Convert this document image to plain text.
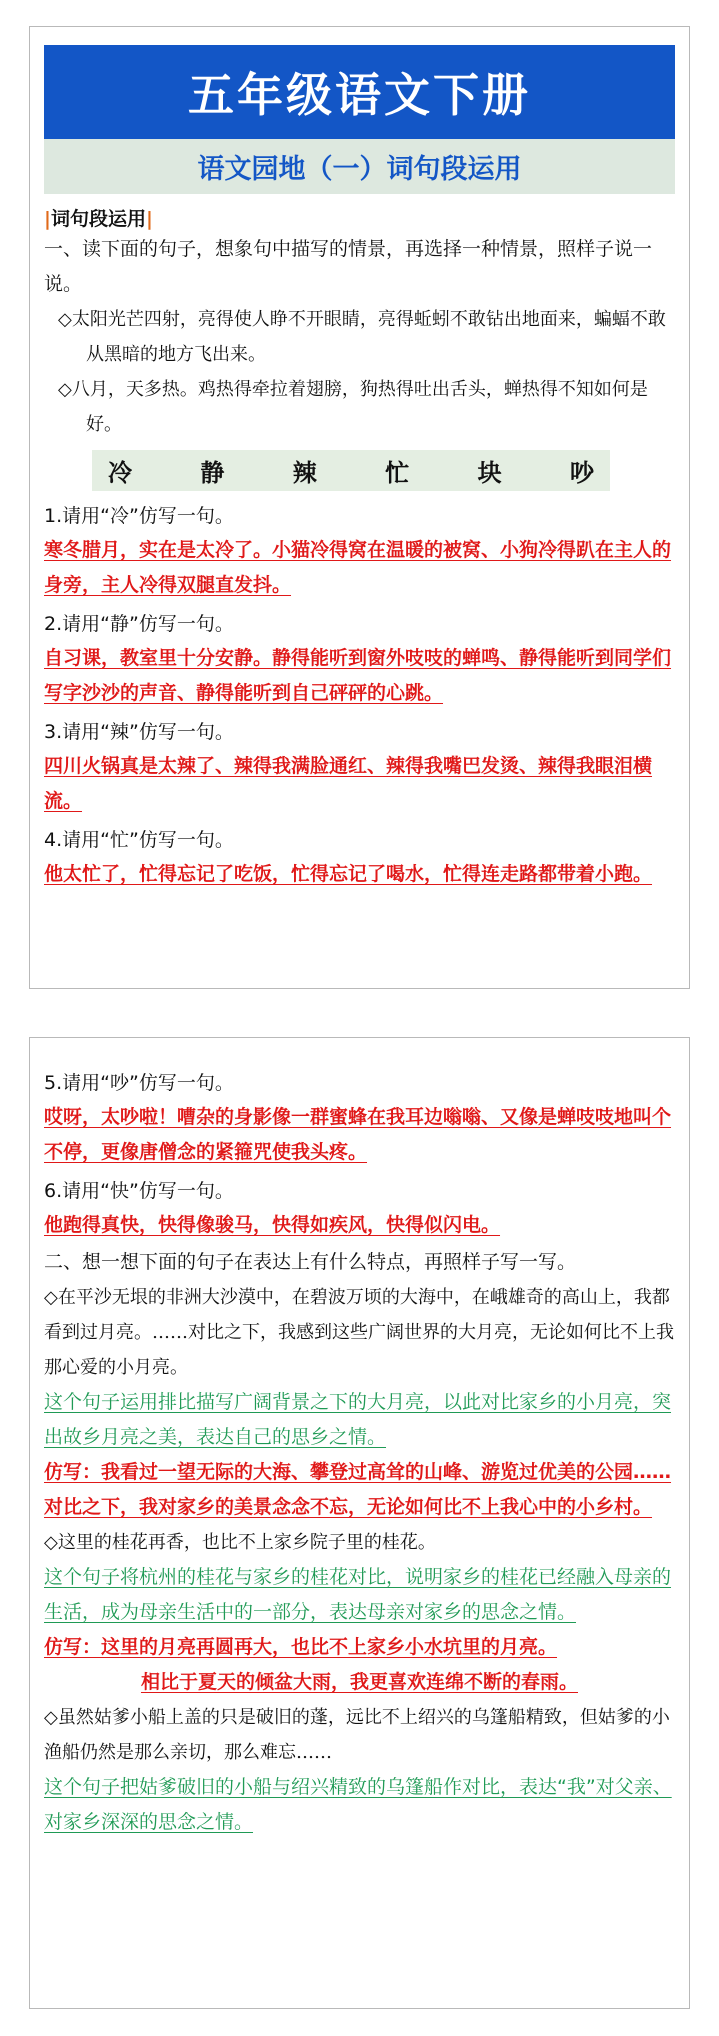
五年级语文下册
语文园地（一）词句段运用
|词句段运用|

一、读下面的句子，想象句中描写的情景，再选择一种情景，照样子说一说。

◇太阳光芒四射，亮得使人睁不开眼睛，亮得蚯蚓不敢钻出地面来，蝙蝠不敢从黑暗的地方飞出来。

◇八月，天多热。鸡热得牵拉着翅膀，狗热得吐出舌头，蝉热得不知如何是好。

冷	静	辣	忙	块	吵

1.请用“冷”仿写一句。

寒冬腊月，实在是太冷了。小猫冷得窝在温暖的被窝、小狗冷得趴在主人的身旁，主人冷得双腿直发抖。

2.请用“静”仿写一句。

自习课，教室里十分安静。静得能听到窗外吱吱的蝉鸣、静得能听到同学们写字沙沙的声音、静得能听到自己砰砰的心跳。

3.请用“辣”仿写一句。

四川火锅真是太辣了、辣得我满脸通红、辣得我嘴巴发烫、辣得我眼泪横流。

4.请用“忙”仿写一句。

他太忙了，忙得忘记了吃饭，忙得忘记了喝水，忙得连走路都带着小跑。

5.请用“吵”仿写一句。

哎呀，太吵啦！嘈杂的身影像一群蜜蜂在我耳边嗡嗡、又像是蝉吱吱地叫个不停，更像唐僧念的紧箍咒使我头疼。

6.请用“快”仿写一句。

他跑得真快，快得像骏马，快得如疾风，快得似闪电。

二、想一想下面的句子在表达上有什么特点，再照样子写一写。

◇在平沙无垠的非洲大沙漠中，在碧波万顷的大海中，在峨雄奇的高山上，我都看到过月亮。……对比之下，我感到这些广阔世界的大月亮，无论如何比不上我那心爱的小月亮。

这个句子运用排比描写广阔背景之下的大月亮，以此对比家乡的小月亮，突出故乡月亮之美，表达自己的思乡之情。

仿写：我看过一望无际的大海、攀登过高耸的山峰、游览过优美的公园……对比之下，我对家乡的美景念念不忘，无论如何比不上我心中的小乡村。

◇这里的桂花再香，也比不上家乡院子里的桂花。

这个句子将杭州的桂花与家乡的桂花对比，说明家乡的桂花已经融入母亲的生活，成为母亲生活中的一部分，表达母亲对家乡的思念之情。

仿写：这里的月亮再圆再大，也比不上家乡小水坑里的月亮。

相比于夏天的倾盆大雨，我更喜欢连绵不断的春雨。

◇虽然姑爹小船上盖的只是破旧的蓬，远比不上绍兴的乌篷船精致，但姑爹的小渔船仍然是那么亲切，那么难忘……

这个句子把姑爹破旧的小船与绍兴精致的乌篷船作对比，表达“我”对父亲、对家乡深深的思念之情。
